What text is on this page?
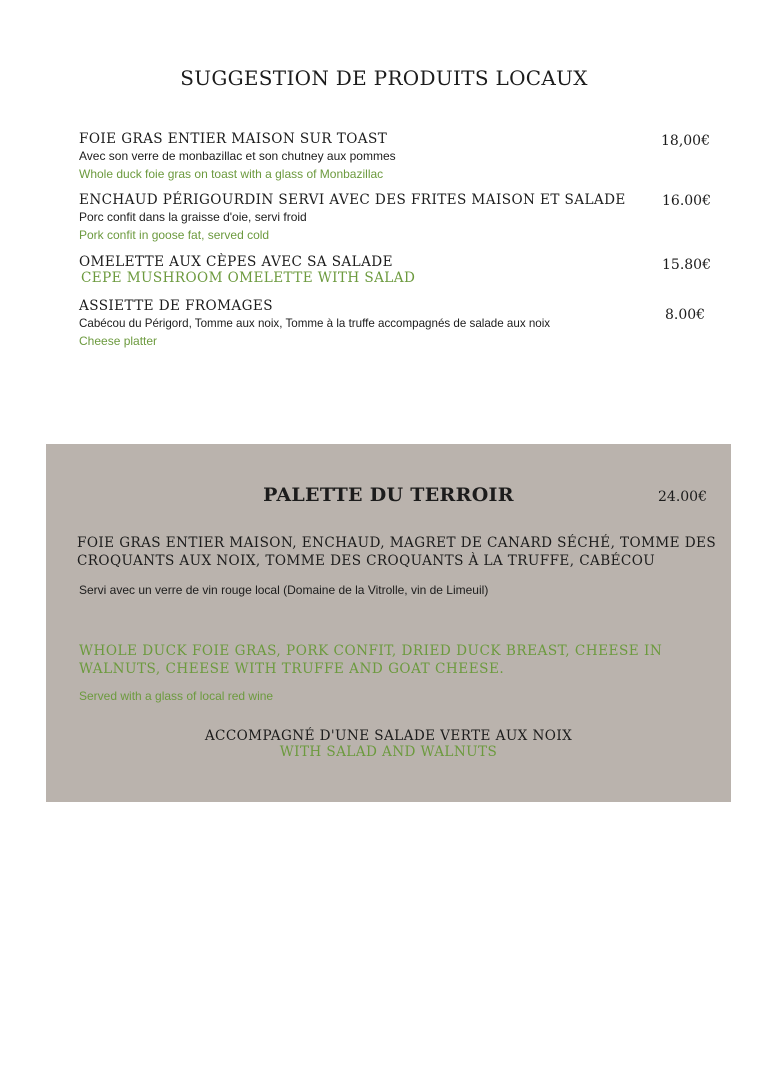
SUGGESTION DE PRODUITS LOCAUX
FOIE GRAS ENTIER MAISON SUR TOAST
Avec son verre de monbazillac et son chutney aux pommes
Whole duck foie gras on toast with a glass of Monbazillac
18,00€
ENCHAUD PÉRIGOURDIN SERVI AVEC DES FRITES MAISON ET SALADE
Porc confit dans la graisse d'oie, servi froid
Pork confit in goose fat, served cold
16.00€
OMELETTE AUX CÈPES AVEC SA SALADE
CEPE MUSHROOM OMELETTE WITH SALAD
15.80€
ASSIETTE DE FROMAGES
Cabécou du Périgord, Tomme aux noix, Tomme à la truffe accompagnés de salade aux noix
Cheese platter
8.00€
PALETTE DU TERROIR	24.00€
FOIE GRAS ENTIER MAISON, ENCHAUD, MAGRET DE CANARD SÉCHÉ, TOMME DES CROQUANTS AUX NOIX, TOMME DES CROQUANTS À LA TRUFFE, CABÉCOU
Servi avec un verre de vin rouge local (Domaine de la Vitrolle, vin de Limeuil)
WHOLE DUCK FOIE GRAS, PORK CONFIT, DRIED DUCK BREAST, CHEESE IN WALNUTS, CHEESE WITH TRUFFE AND GOAT CHEESE.
Served with a glass of local red wine
ACCOMPAGNÉ D'UNE SALADE VERTE AUX NOIX
WITH SALAD AND WALNUTS
